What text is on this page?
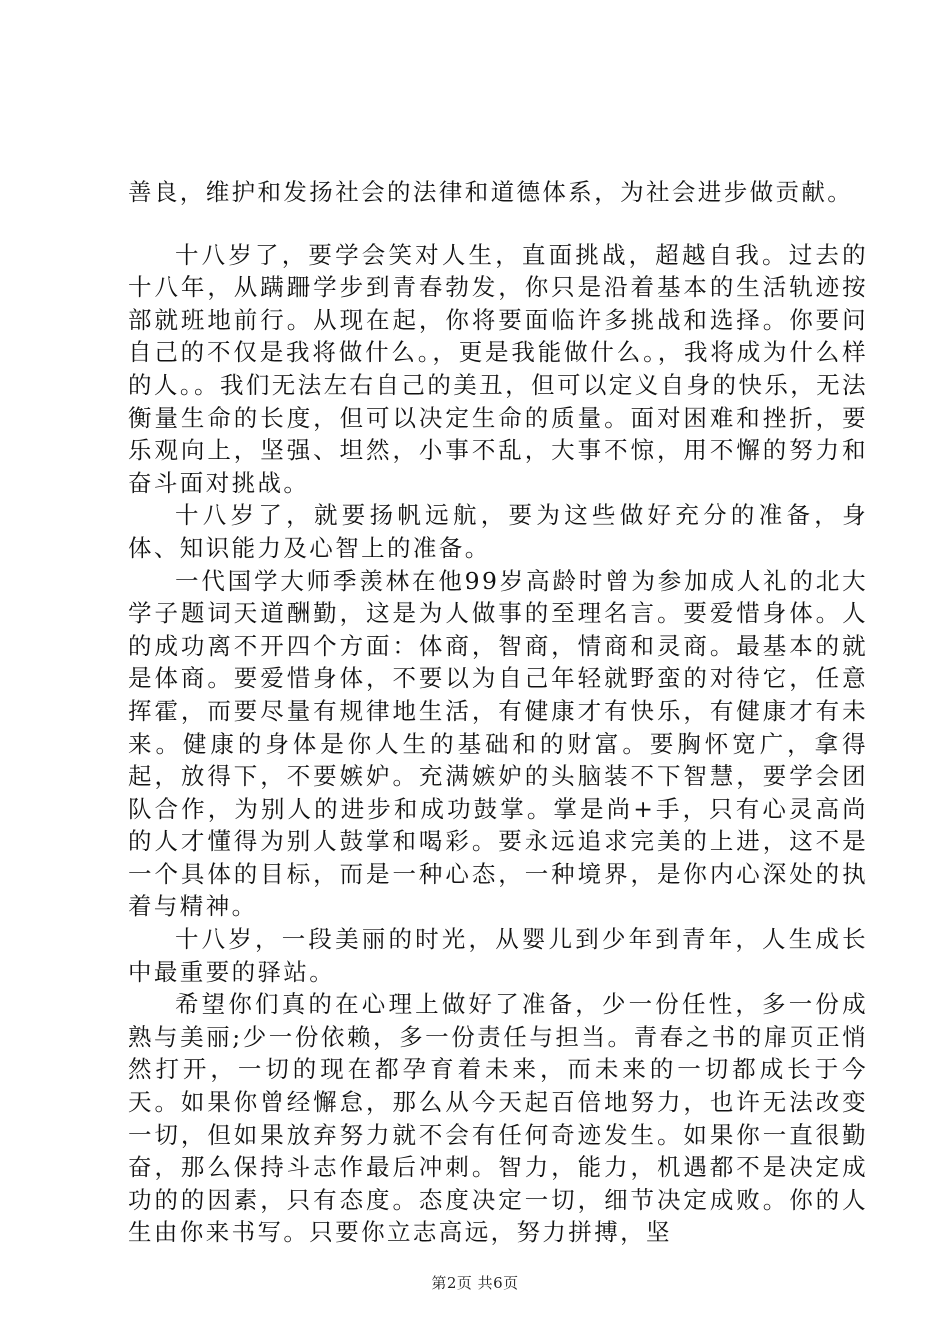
善良，维护和发扬社会的法律和道德体系，为社会进步做贡献。

十八岁了，要学会笑对人生，直面挑战，超越自我。过去的十八年，从蹒跚学步到青春勃发，你只是沿着基本的生活轨迹按部就班地前行。从现在起，你将要面临许多挑战和选择。你要问自己的不仅是我将做什么。，更是我能做什么。，我将成为什么样的人。。我们无法左右自己的美丑，但可以定义自身的快乐，无法衡量生命的长度，但可以决定生命的质量。面对困难和挫折，要乐观向上，坚强、坦然，小事不乱，大事不惊，用不懈的努力和奋斗面对挑战。

十八岁了，就要扬帆远航，要为这些做好充分的准备，身体、知识能力及心智上的准备。

一代国学大师季羡林在他99岁高龄时曾为参加成人礼的北大学子题词天道酬勤，这是为人做事的至理名言。要爱惜身体。人的成功离不开四个方面：体商，智商，情商和灵商。最基本的就是体商。要爱惜身体，不要以为自己年轻就野蛮的对待它，任意挥霍，而要尽量有规律地生活，有健康才有快乐，有健康才有未来。健康的身体是你人生的基础和的财富。要胸怀宽广，拿得起，放得下，不要嫉妒。充满嫉妒的头脑装不下智慧，要学会团队合作，为别人的进步和成功鼓掌。掌是尚+手，只有心灵高尚的人才懂得为别人鼓掌和喝彩。要永远追求完美的上进，这不是一个具体的目标，而是一种心态，一种境界，是你内心深处的执着与精神。

十八岁，一段美丽的时光，从婴儿到少年到青年，人生成长中最重要的驿站。

希望你们真的在心理上做好了准备，少一份任性，多一份成熟与美丽;少一份依赖，多一份责任与担当。青春之书的扉页正悄然打开，一切的现在都孕育着未来，而未来的一切都成长于今天。如果你曾经懈怠，那么从今天起百倍地努力，也许无法改变一切，但如果放弃努力就不会有任何奇迹发生。如果你一直很勤奋，那么保持斗志作最后冲刺。智力，能力，机遇都不是决定成功的的因素，只有态度。态度决定一切，细节决定成败。你的人生由你来书写。只要你立志高远，努力拼搏，坚

第2页 共6页
